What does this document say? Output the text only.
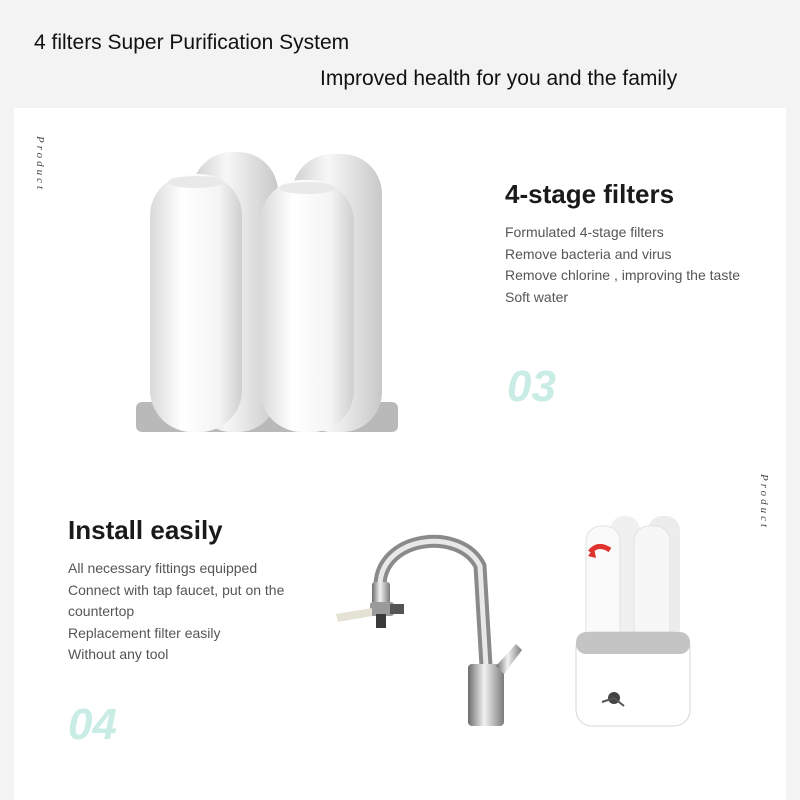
4 filters Super Purification System
Improved health for you and the family
Product
Product
4-stage filters
Formulated 4-stage filters
Remove bacteria and virus
Remove chlorine , improving the taste
Soft water
03
Install easily
All necessary fittings equipped
Connect with tap faucet, put on the countertop
Replacement filter easily
Without any tool
04
